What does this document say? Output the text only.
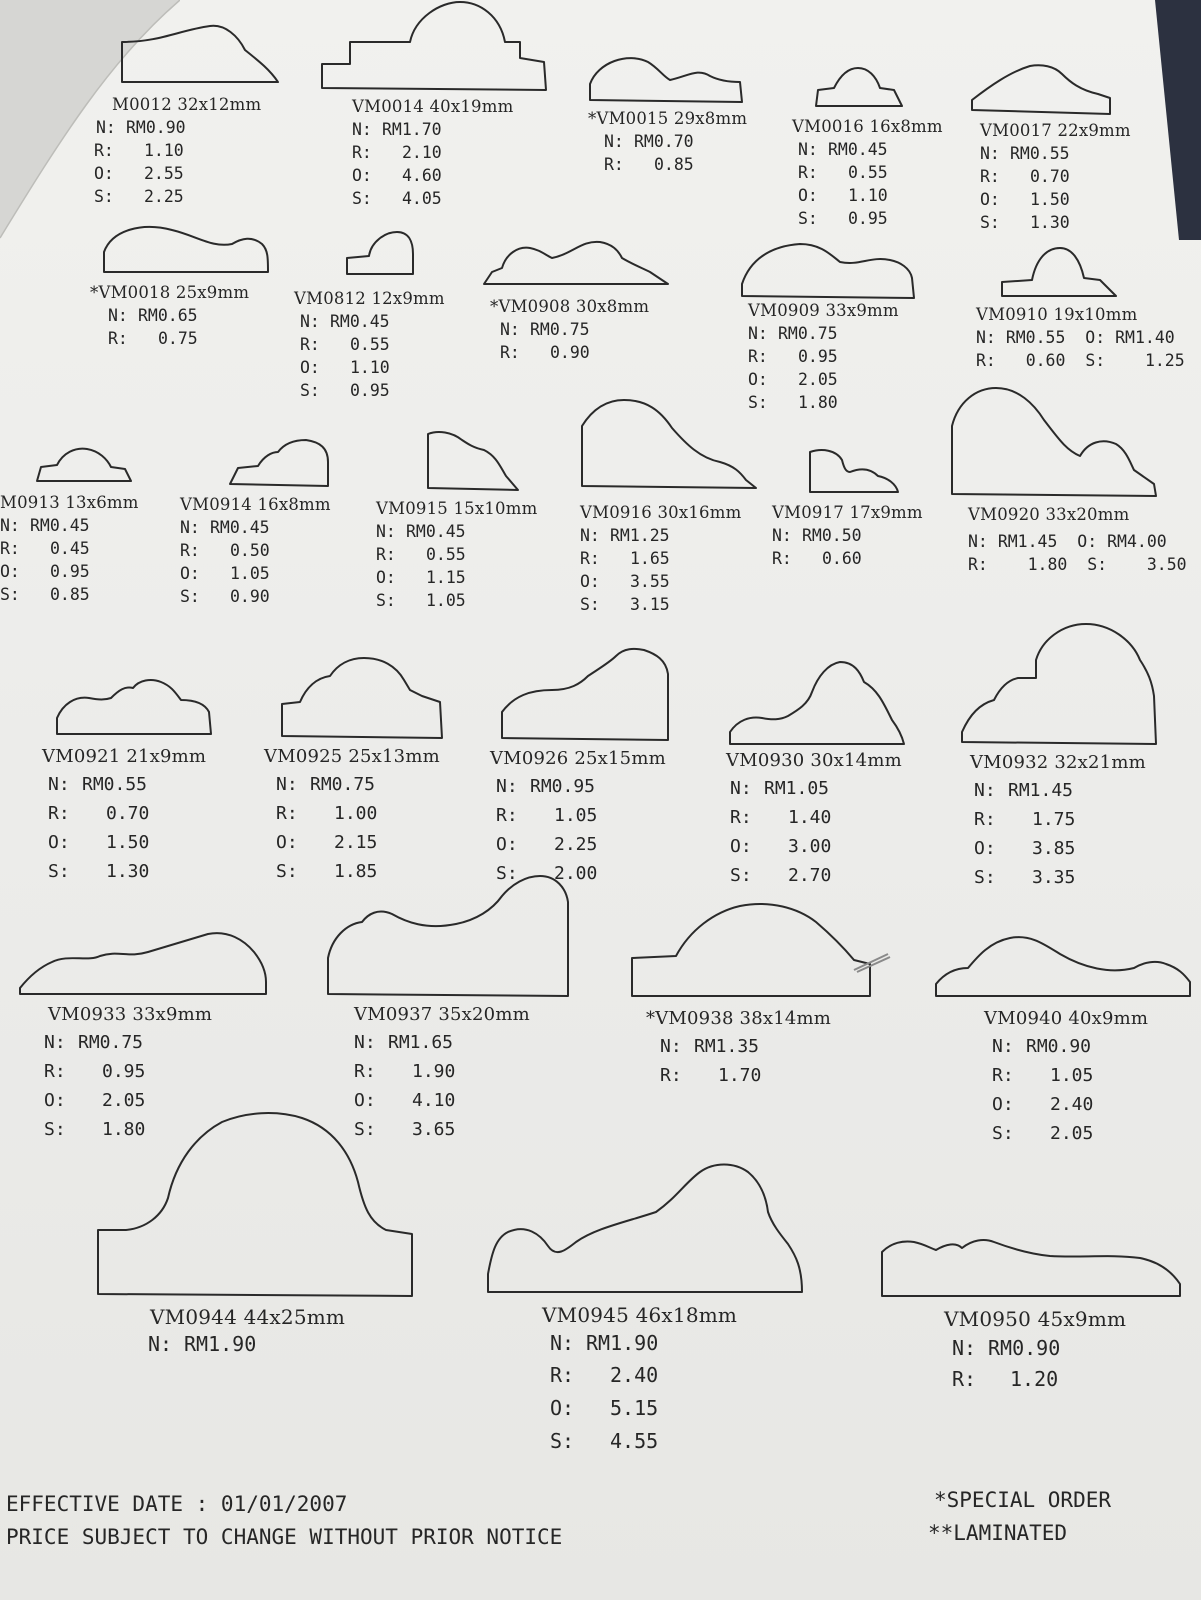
M0012 32x12mm
N: RM0.90
R: 1.10
O: 2.55
S: 2.25
VM0014 40x19mm
N: RM1.70
R: 2.10
O: 4.60
S: 4.05
*VM0015 29x8mm
N: RM0.70
R: 0.85
VM0016 16x8mm
N: RM0.45
R: 0.55
O: 1.10
S: 0.95
VM0017 22x9mm
N: RM0.55
R: 0.70
O: 1.50
S: 1.30
*VM0018 25x9mm
N: RM0.65
R: 0.75
VM0812 12x9mm
N: RM0.45
R: 0.55
O: 1.10
S: 0.95
*VM0908 30x8mm
N: RM0.75
R: 0.90
VM0909 33x9mm
N: RM0.75
R: 0.95
O: 2.05
S: 1.80
VM0910 19x10mm
N: RM0.55 O: RM1.40
R: 0.60 S: 1.25
M0913 13x6mm
N: RM0.45
R: 0.45
O: 0.95
S: 0.85
VM0914 16x8mm
N: RM0.45
R: 0.50
O: 1.05
S: 0.90
VM0915 15x10mm
N: RM0.45
R: 0.55
O: 1.15
S: 1.05
VM0916 30x16mm
N: RM1.25
R: 1.65
O: 3.55
S: 3.15
VM0917 17x9mm
N: RM0.50
R: 0.60
VM0920 33x20mm
N: RM1.45 O: RM4.00
R: 1.80 S: 3.50
VM0921 21x9mm
N: RM0.55
R: 0.70
O: 1.50
S: 1.30
VM0925 25x13mm
N: RM0.75
R: 1.00
O: 2.15
S: 1.85
VM0926 25x15mm
N: RM0.95
R: 1.05
O: 2.25
S: 2.00
VM0930 30x14mm
N: RM1.05
R: 1.40
O: 3.00
S: 2.70
VM0932 32x21mm
N: RM1.45
R: 1.75
O: 3.85
S: 3.35
VM0933 33x9mm
N: RM0.75
R: 0.95
O: 2.05
S: 1.80
VM0937 35x20mm
N: RM1.65
R: 1.90
O: 4.10
S: 3.65
*VM0938 38x14mm
N: RM1.35
R: 1.70
VM0940 40x9mm
N: RM0.90
R: 1.05
O: 2.40
S: 2.05
VM0944 44x25mm
N: RM1.90
VM0945 46x18mm
N: RM1.90
R: 2.40
O: 5.15
S: 4.55
VM0950 45x9mm
N: RM0.90
R: 1.20
EFFECTIVE DATE : 01/01/2007
PRICE SUBJECT TO CHANGE WITHOUT PRIOR NOTICE
*SPECIAL ORDER
**LAMINATED
